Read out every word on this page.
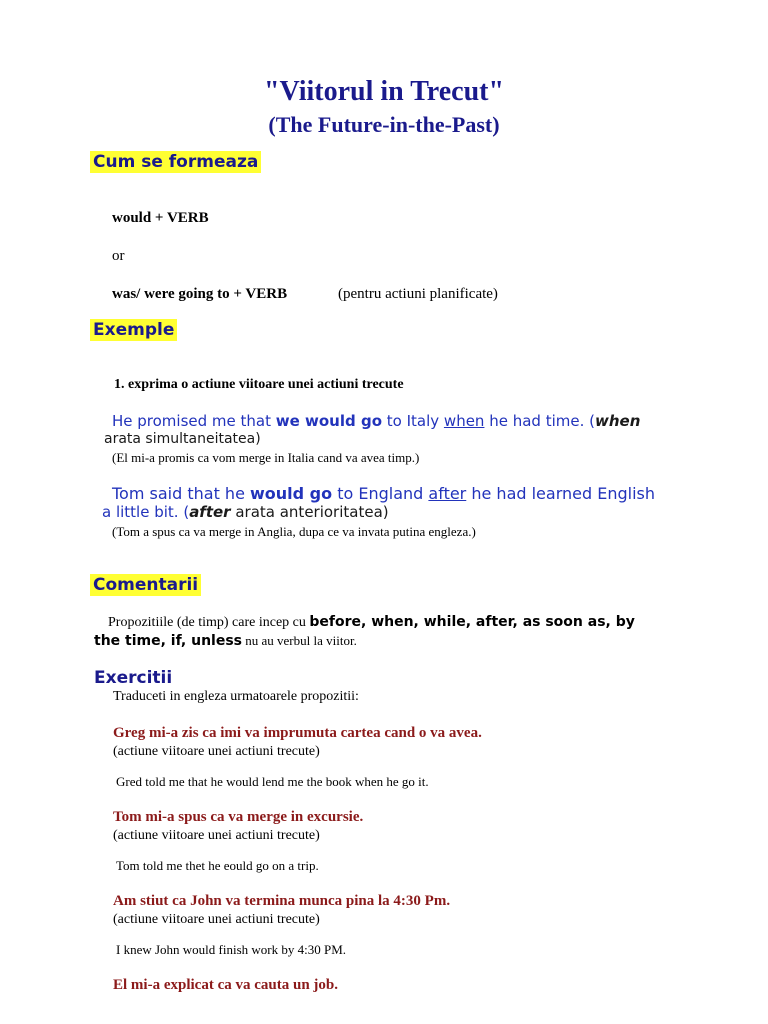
"Viitorul in Trecut"
(The Future-in-the-Past)
Cum se formeaza
would + VERB
or
was/ were going to + VERB	(pentru actiuni planificate)
Exemple
1. exprima o actiune viitoare unei actiuni trecute
He promised me that we would go to Italy when he had time. (when
arata simultaneitatea)
(El mi-a promis ca vom merge in Italia cand va avea timp.)
Tom said that he would go to England after he had learned English
a little bit. (after arata anterioritatea)
(Tom a spus ca va merge in Anglia, dupa ce va invata putina engleza.)
Comentarii
Propozitiile (de timp) care incep cu before, when, while, after, as soon as, by
the time, if, unless nu au verbul la viitor.
Exercitii
Traduceti in engleza urmatoarele propozitii:
Greg mi-a zis ca imi va imprumuta cartea cand o va avea.
(actiune viitoare unei actiuni trecute)
Gred told me that he would lend me the book when he go it.
Tom mi-a spus ca va merge in excursie.
(actiune viitoare unei actiuni trecute)
Tom told me thet he eould go on a trip.
Am stiut ca John va termina munca pina la 4:30 Pm.
(actiune viitoare unei actiuni trecute)
I knew John would finish work by 4:30 PM.
El mi-a explicat ca va cauta un job.
